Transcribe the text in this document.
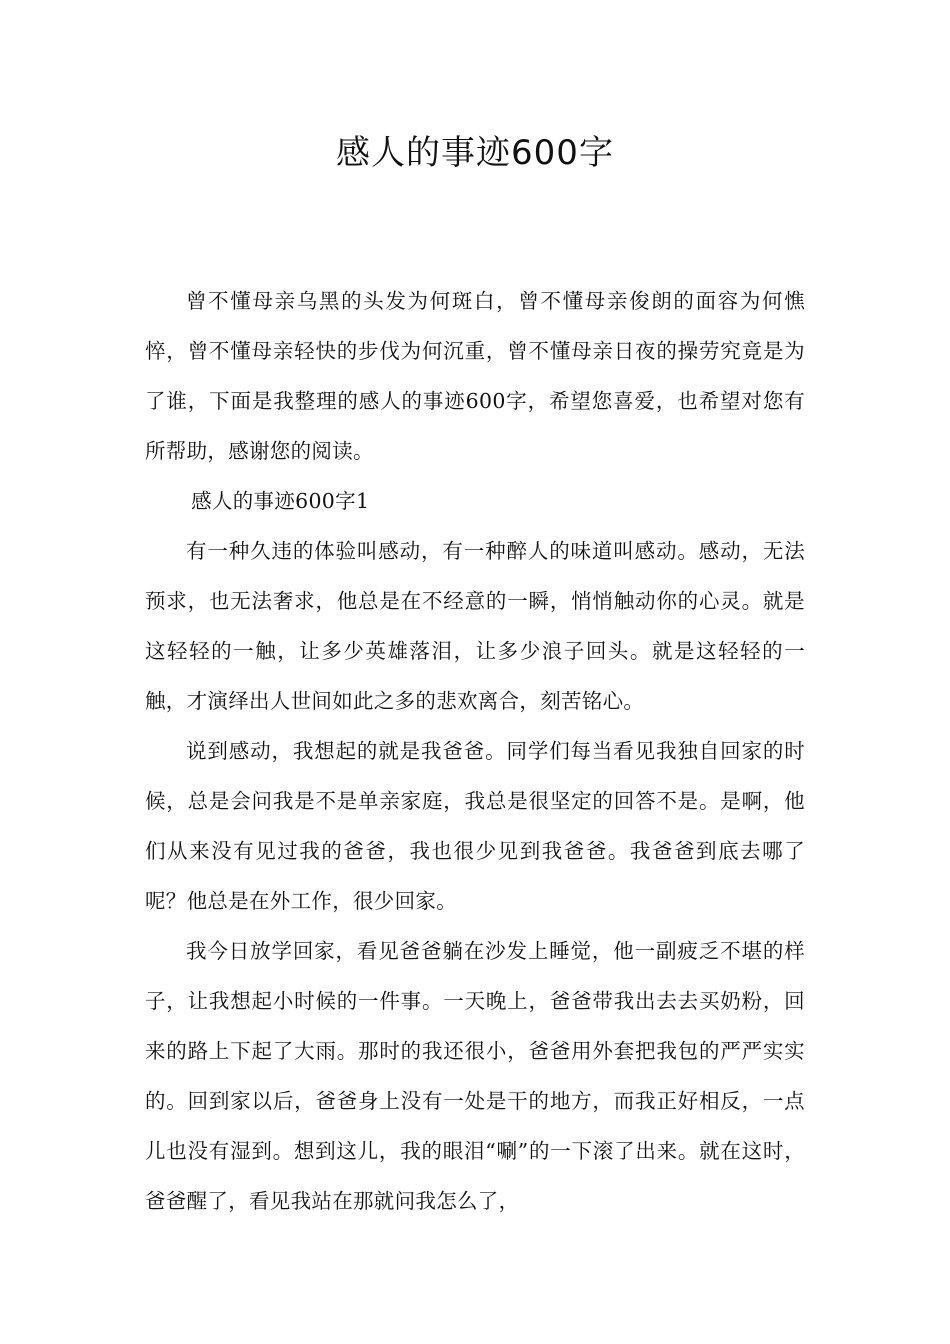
感人的事迹600字

曾不懂母亲乌黑的头发为何斑白，曾不懂母亲俊朗的面容为何憔悴，曾不懂母亲轻快的步伐为何沉重，曾不懂母亲日夜的操劳究竟是为了谁，下面是我整理的感人的事迹600字，希望您喜爱，也希望对您有所帮助，感谢您的阅读。

感人的事迹600字1

有一种久违的体验叫感动，有一种醉人的味道叫感动。感动，无法预求，也无法奢求，他总是在不经意的一瞬，悄悄触动你的心灵。就是这轻轻的一触，让多少英雄落泪，让多少浪子回头。就是这轻轻的一触，才演绎出人世间如此之多的悲欢离合，刻苦铭心。

说到感动，我想起的就是我爸爸。同学们每当看见我独自回家的时候，总是会问我是不是单亲家庭，我总是很坚定的回答不是。是啊，他们从来没有见过我的爸爸，我也很少见到我爸爸。我爸爸到底去哪了呢？他总是在外工作，很少回家。

我今日放学回家，看见爸爸躺在沙发上睡觉，他一副疲乏不堪的样子，让我想起小时候的一件事。一天晚上，爸爸带我出去去买奶粉，回来的路上下起了大雨。那时的我还很小，爸爸用外套把我包的严严实实的。回到家以后，爸爸身上没有一处是干的地方，而我正好相反，一点儿也没有湿到。想到这儿，我的眼泪“唰”的一下滚了出来。就在这时，爸爸醒了，看见我站在那就问我怎么了，
